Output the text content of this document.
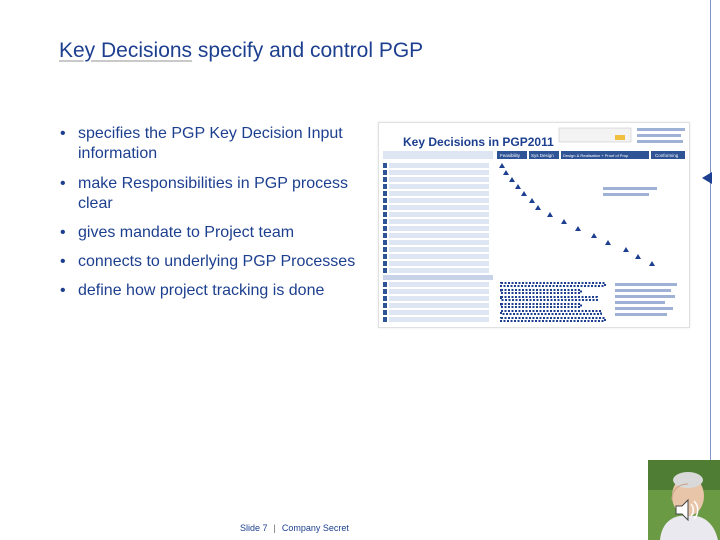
Key Decisions specify and control PGP
• specifies the PGP Key Decision Input information
• make Responsibilities in PGP process clear
• gives mandate to Project team
• connects to underlying PGP Processes
• define how project tracking is done
Key Decisions in PGP2011
Feasibility Sys Design Design & Realisation + Proof of Prop	Conforming
Slide 7 | Company Secret
